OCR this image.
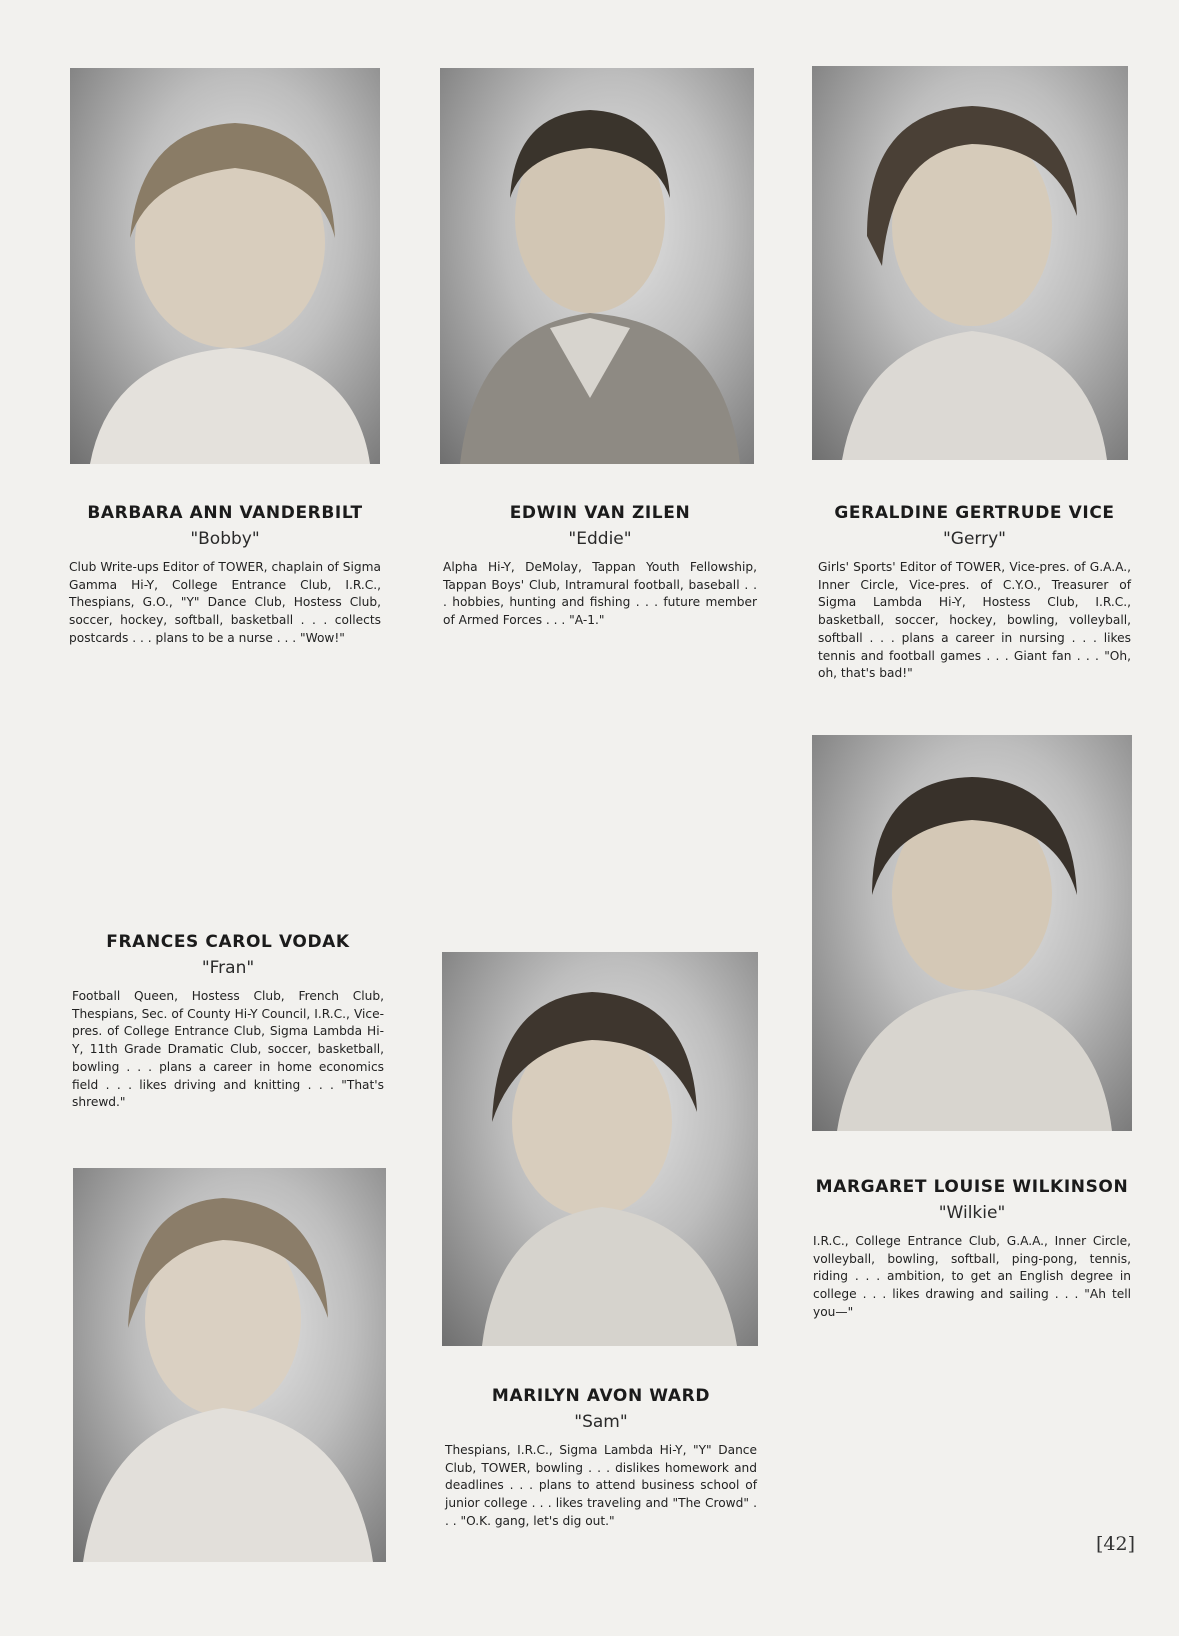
BARBARA ANN VANDERBILT
"Bobby"
Club Write-ups Editor of TOWER, chaplain of Sigma Gamma Hi-Y, College Entrance Club, I.R.C., Thespians, G.O., "Y" Dance Club, Hostess Club, soccer, hockey, softball, basketball . . . collects postcards . . . plans to be a nurse . . . "Wow!"
EDWIN VAN ZILEN
"Eddie"
Alpha Hi-Y, DeMolay, Tappan Youth Fellowship, Tappan Boys' Club, Intramural football, baseball . . . hobbies, hunting and fishing . . . future member of Armed Forces . . . "A-1."
GERALDINE GERTRUDE VICE
"Gerry"
Girls' Sports' Editor of TOWER, Vice-pres. of G.A.A., Inner Circle, Vice-pres. of C.Y.O., Treasurer of Sigma Lambda Hi-Y, Hostess Club, I.R.C., basketball, soccer, hockey, bowling, volleyball, softball . . . plans a career in nursing . . . likes tennis and football games . . . Giant fan . . . "Oh, oh, that's bad!"
FRANCES CAROL VODAK
"Fran"
Football Queen, Hostess Club, French Club, Thespians, Sec. of County Hi-Y Council, I.R.C., Vice-pres. of College Entrance Club, Sigma Lambda Hi-Y, 11th Grade Dramatic Club, soccer, basketball, bowling . . . plans a career in home economics field . . . likes driving and knitting . . . "That's shrewd."
MARILYN AVON WARD
"Sam"
Thespians, I.R.C., Sigma Lambda Hi-Y, "Y" Dance Club, TOWER, bowling . . . dislikes homework and deadlines . . . plans to attend business school of junior college . . . likes traveling and "The Crowd" . . . "O.K. gang, let's dig out."
MARGARET LOUISE WILKINSON
"Wilkie"
I.R.C., College Entrance Club, G.A.A., Inner Circle, volleyball, bowling, softball, ping-pong, tennis, riding . . . ambition, to get an English degree in college . . . likes drawing and sailing . . . "Ah tell you—"
[42]
